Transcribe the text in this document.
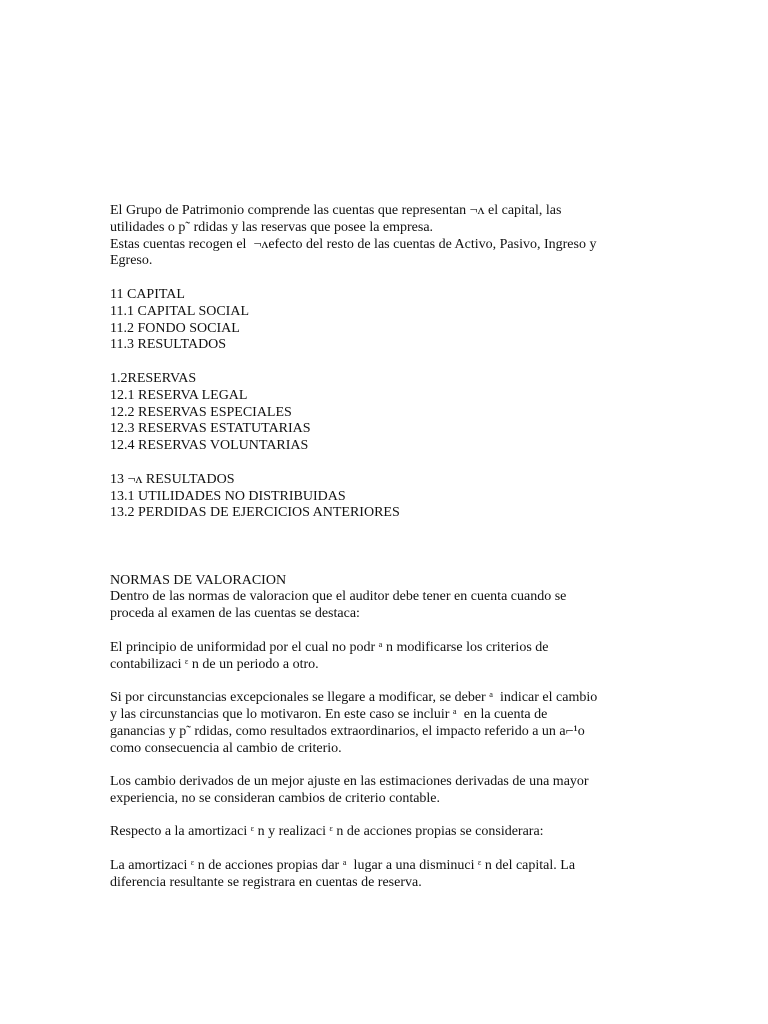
El Grupo de Patrimonio comprende las cuentas que representan ¬ʌ el capital, las
utilidades o p˜ rdidas y las reservas que posee la empresa.
Estas cuentas recogen el  ¬ʌefecto del resto de las cuentas de Activo, Pasivo, Ingreso y
Egreso.
11 CAPITAL
11.1 CAPITAL SOCIAL
11.2 FONDO SOCIAL
11.3 RESULTADOS
1.2RESERVAS
12.1 RESERVA LEGAL
12.2 RESERVAS ESPECIALES
12.3 RESERVAS ESTATUTARIAS
12.4 RESERVAS VOLUNTARIAS
13 ¬ʌ RESULTADOS
13.1 UTILIDADES NO DISTRIBUIDAS
13.2 PERDIDAS DE EJERCICIOS ANTERIORES
NORMAS DE VALORACION
Dentro de las normas de valoracion que el auditor debe tener en cuenta cuando se
proceda al examen de las cuentas se destaca:
El principio de uniformidad por el cual no podr ᵃ n modificarse los criterios de
contabilizaci ᵋ n de un periodo a otro.
Si por circunstancias excepcionales se llegare a modificar, se deber ᵃ  indicar el cambio
y las circunstancias que lo motivaron. En este caso se incluir ᵃ  en la cuenta de
ganancias y p˜ rdidas, como resultados extraordinarios, el impacto referido a un a⌐¹o
como consecuencia al cambio de criterio.
Los cambio derivados de un mejor ajuste en las estimaciones derivadas de una mayor
experiencia, no se consideran cambios de criterio contable.
Respecto a la amortizaci ᵋ n y realizaci ᵋ n de acciones propias se considerara:
La amortizaci ᵋ n de acciones propias dar ᵃ  lugar a una disminuci ᵋ n del capital. La
diferencia resultante se registrara en cuentas de reserva.
